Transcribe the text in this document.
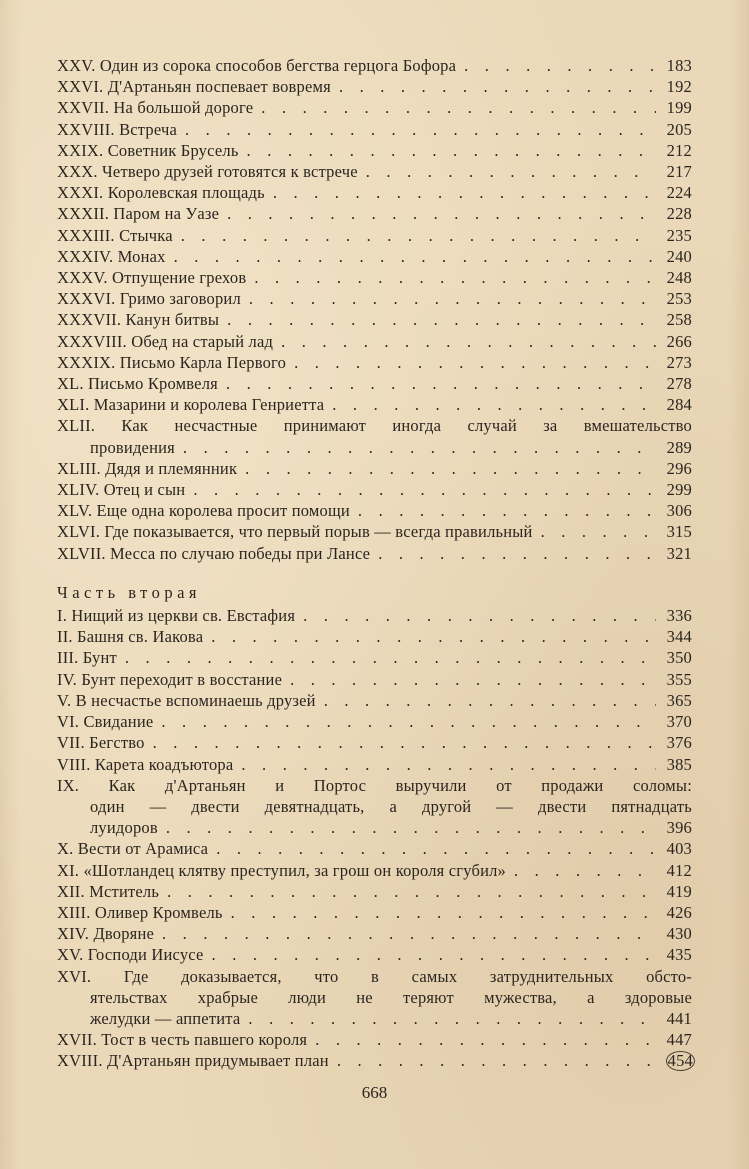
XXV. Один из сорока способов бегства герцога Бофора . . .	183
XXVI. Д'Артаньян поспевает вовремя . . .	192
XXVII. На большой дороге . . .	199
XXVIII. Встреча . . .	205
XXIX. Советник Брусель . . .	212
XXX. Четверо друзей готовятся к встрече . . .	217
XXXI. Королевская площадь . . .	224
XXXII. Паром на Уазе . . .	228
XXXIII. Стычка . . .	235
XXXIV. Монах . . .	240
XXXV. Отпущение грехов . . .	248
XXXVI. Гримо заговорил . . .	253
XXXVII. Канун битвы . . .	258
XXXVIII. Обед на старый лад . . .	266
XXXIX. Письмо Карла Первого . . .	273
XL. Письмо Кромвеля . . .	278
XLI. Мазарини и королева Генриетта . . .	284
XLII. Как несчастные принимают иногда случай за вмешательство
провидения . . .	289
XLIII. Дядя и племянник . . .	296
XLIV. Отец и сын . . .	299
XLV. Еще одна королева просит помощи . . .	306
XLVI. Где показывается, что первый порыв — всегда правильный . . .	315
XLVII. Месса по случаю победы при Лансе . . .	321
Часть вторая
I. Нищий из церкви св. Евстафия . . .	336
II. Башня св. Иакова . . .	344
III. Бунт . . .	350
IV. Бунт переходит в восстание . . .	355
V. В несчастье вспоминаешь друзей . . .	365
VI. Свидание . . .	370
VII. Бегство . . .	376
VIII. Карета коадъютора . . .	385
IX. Как д'Артаньян и Портос выручили от продажи соломы:
один — двести девятнадцать, а другой — двести пятнадцать
луидоров . . .	396
X. Вести от Арамиса . . .	403
XI. «Шотландец клятву преступил, за грош он короля сгубил» . . .	412
XII. Мститель . . .	419
XIII. Оливер Кромвель . . .	426
XIV. Дворяне . . .	430
XV. Господи Иисусе . . .	435
XVI. Где доказывается, что в самых затруднительных обсто-
ятельствах храбрые люди не теряют мужества, а здоровые
желудки — аппетита . . .	441
XVII. Тост в честь павшего короля . . .	447
XVIII. Д'Артаньян придумывает план . . .	454
668
